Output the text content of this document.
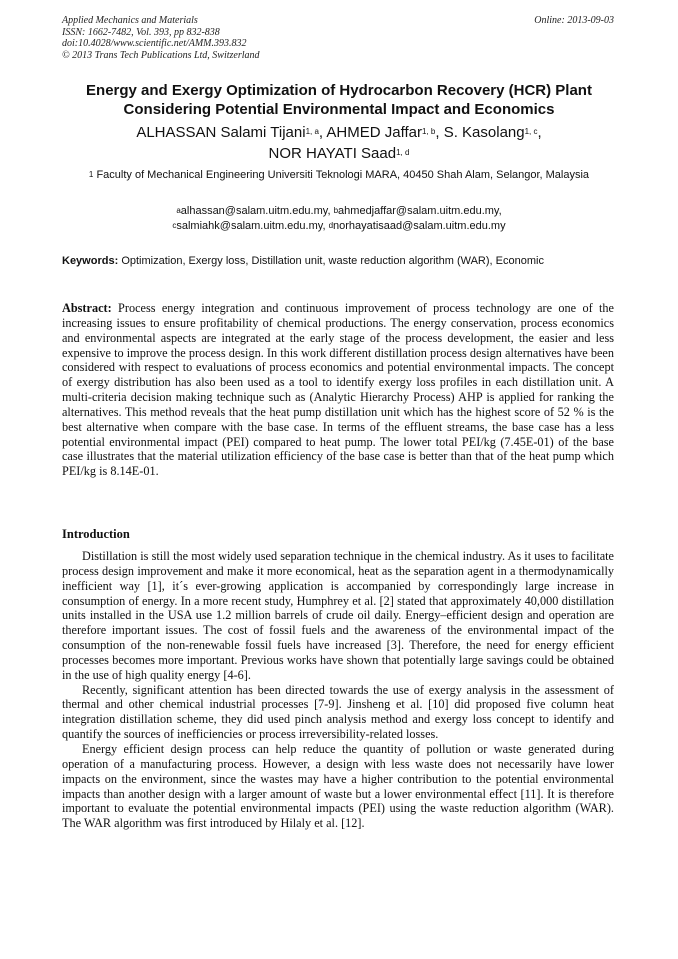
Applied Mechanics and Materials
ISSN: 1662-7482, Vol. 393, pp 832-838
doi:10.4028/www.scientific.net/AMM.393.832
© 2013 Trans Tech Publications Ltd, Switzerland
Online: 2013-09-03
Energy and Exergy Optimization of Hydrocarbon Recovery (HCR) Plant
Considering Potential Environmental Impact and Economics
ALHASSAN Salami Tijani$^{1, a}$, AHMED Jaffar$^{1, b}$, S. Kasolang$^{1, c}$,
NOR HAYATI Saad$^{1, d}$
$^1$ Faculty of Mechanical Engineering Universiti Teknologi MARA, 40450 Shah Alam, Selangor, Malaysia
$^a$alhassan@salam.uitm.edu.my, $^b$ahmedjaffar@salam.uitm.edu.my,
$^c$salmiahk@salam.uitm.edu.my, $^d$norhayatisaad@salam.uitm.edu.my
Keywords: Optimization, Exergy loss, Distillation unit, waste reduction algorithm (WAR), Economic
Abstract: Process energy integration and continuous improvement of process technology are one of the increasing issues to ensure profitability of chemical productions. The energy conservation, process economics and environmental aspects are integrated at the early stage of the process development, the easier and less expensive to improve the process design. In this work different distillation process design alternatives have been considered with respect to evaluations of process economics and potential environmental impacts. The concept of exergy distribution has also been used as a tool to identify exergy loss profiles in each distillation unit. A multi-criteria decision making technique such as (Analytic Hierarchy Process) AHP is applied for ranking the alternatives. This method reveals that the heat pump distillation unit which has the highest score of 52 % is the best alternative when compare with the base case. In terms of the effluent streams, the base case has a less potential environmental impact (PEI) compared to heat pump. The lower total PEI/kg (7.45E-01) of the base case illustrates that the material utilization efficiency of the base case is better than that of the heat pump which PEI/kg is 8.14E-01.
Introduction

Distillation is still the most widely used separation technique in the chemical industry. As it uses to facilitate process design improvement and make it more economical, heat as the separation agent in a thermodynamically inefficient way [1], it´s ever-growing application is accompanied by correspondingly large increase in consumption of energy. In a more recent study, Humphrey et al. [2] stated that approximately 40,000 distillation units installed in the USA use 1.2 million barrels of crude oil daily. Energy–efficient design and operation are therefore important issues. The cost of fossil fuels and the awareness of the environmental impact of the consumption of the non-renewable fossil fuels have increased [3]. Therefore, the need for energy efficient processes becomes more important. Previous works have shown that potentially large savings could be obtained in the use of high quality energy [4-6].

Recently, significant attention has been directed towards the use of exergy analysis in the assessment of thermal and other chemical industrial processes [7-9]. Jinsheng et al. [10] did proposed five column heat integration distillation scheme, they did used pinch analysis method and exergy loss concept to identify and quantify the sources of inefficiencies or process irreversibility-related losses.

Energy efficient design process can help reduce the quantity of pollution or waste generated during operation of a manufacturing process. However, a design with less waste does not necessarily have lower impacts on the environment, since the wastes may have a higher contribution to the potential environmental impacts than another design with a larger amount of waste but a lower environmental effect [11]. It is therefore important to evaluate the potential environmental impacts (PEI) using the waste reduction algorithm (WAR). The WAR algorithm was first introduced by Hilaly et al. [12].
